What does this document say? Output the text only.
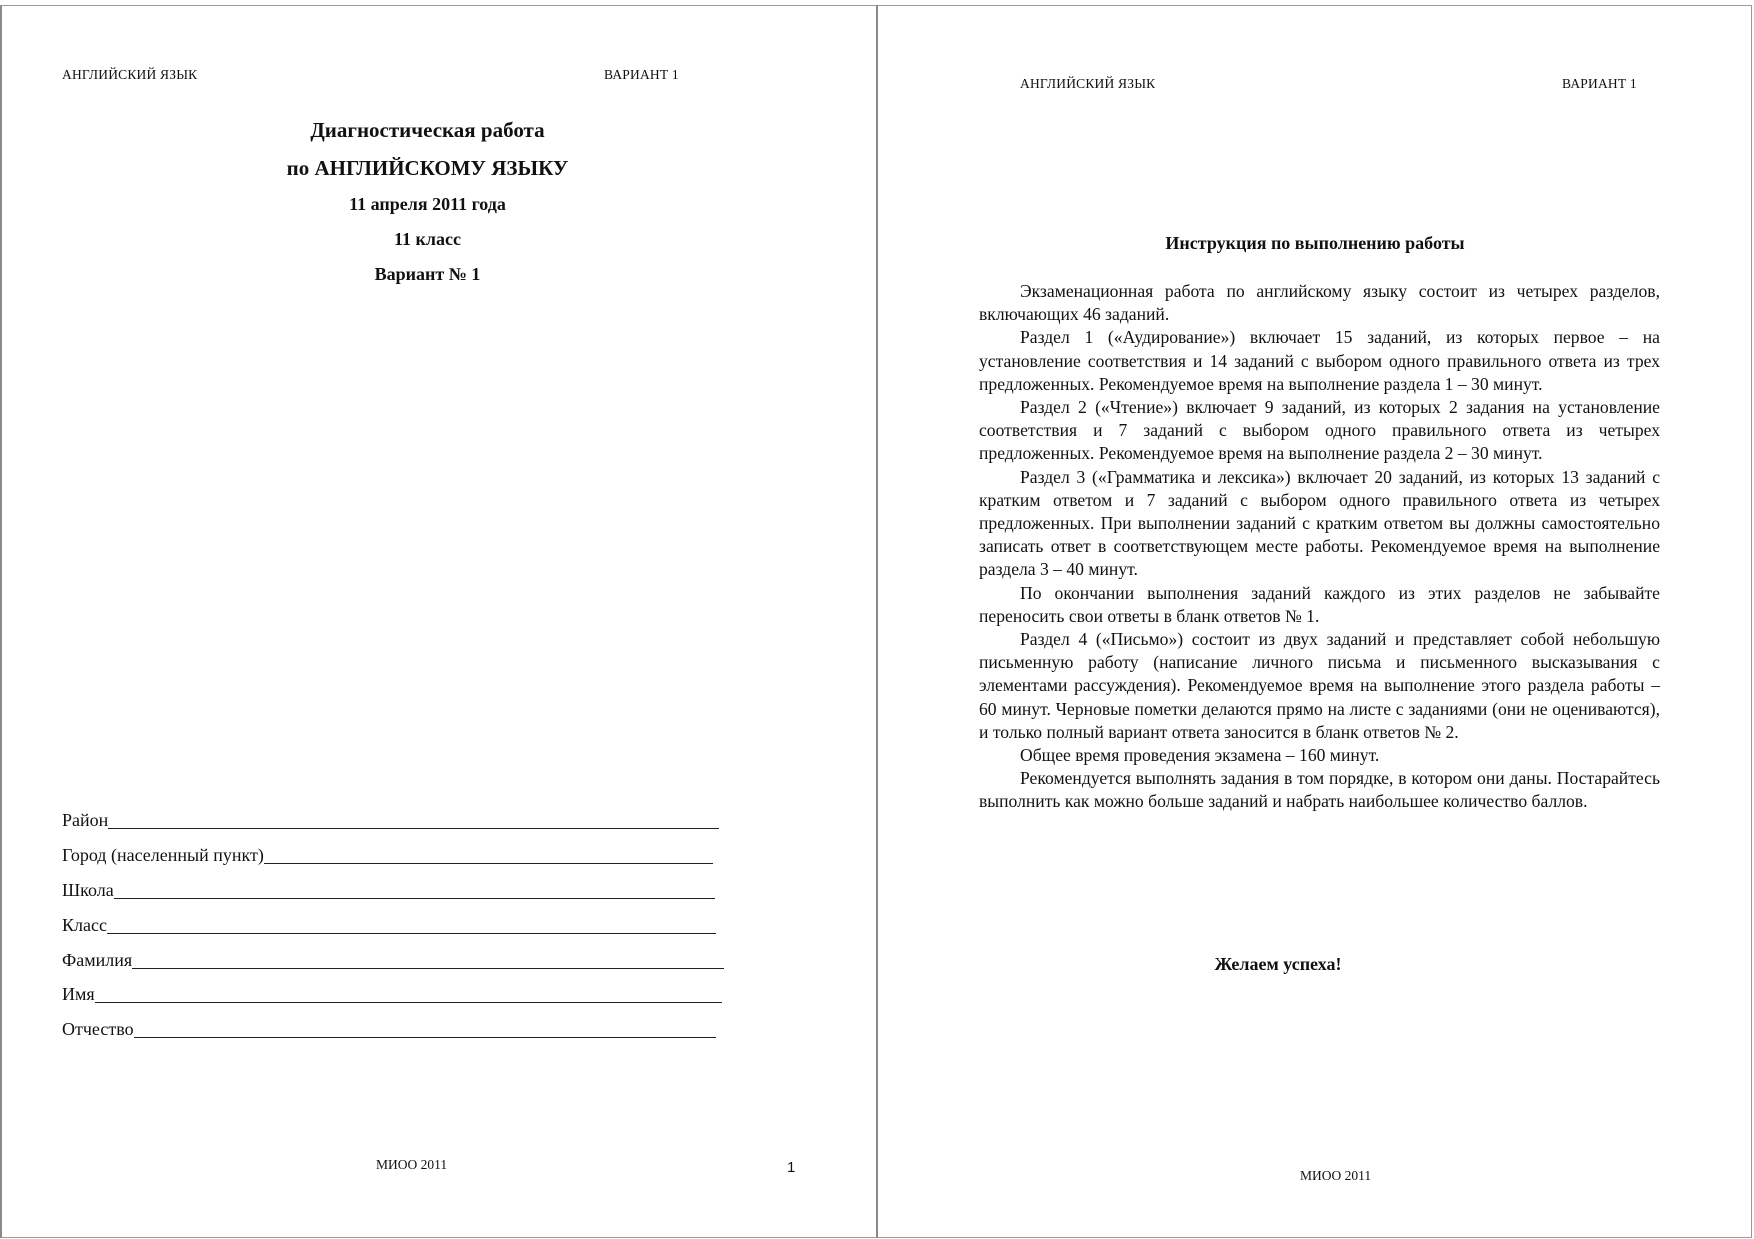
АНГЛИЙСКИЙ ЯЗЫК	ВАРИАНТ 1
Диагностическая работа
по АНГЛИЙСКОМУ ЯЗЫКУ
11 апреля 2011 года
11 класс
Вариант № 1
Район
Город (населенный пункт)
Школа
Класс
Фамилия
Имя
Отчество
МИОО 2011	1
АНГЛИЙСКИЙ ЯЗЫК	ВАРИАНТ 1
Инструкция по выполнению работы

Экзаменационная работа по английскому языку состоит из четырех разделов, включающих 46 заданий.

Раздел 1 («Аудирование») включает 15 заданий, из которых первое – на установление соответствия и 14 заданий с выбором одного правильного ответа из трех предложенных. Рекомендуемое время на выполнение раздела 1 – 30 минут.

Раздел 2 («Чтение») включает 9 заданий, из которых 2 задания на установление соответствия и 7 заданий с выбором одного правильного ответа из четырех предложенных. Рекомендуемое время на выполнение раздела 2 – 30 минут.

Раздел 3 («Грамматика и лексика») включает 20 заданий, из которых 13 заданий с кратким ответом и 7 заданий с выбором одного правильного ответа из четырех предложенных. При выполнении заданий с кратким ответом вы должны самостоятельно записать ответ в соответствующем месте работы. Рекомендуемое время на выполнение раздела 3 – 40 минут.

По окончании выполнения заданий каждого из этих разделов не забывайте переносить свои ответы в бланк ответов № 1.

Раздел 4 («Письмо») состоит из двух заданий и представляет собой небольшую письменную работу (написание личного письма и письменного высказывания с элементами рассуждения). Рекомендуемое время на выполнение этого раздела работы – 60 минут. Черновые пометки делаются прямо на листе с заданиями (они не оцениваются), и только полный вариант ответа заносится в бланк ответов № 2.

Общее время проведения экзамена – 160 минут.

Рекомендуется выполнять задания в том порядке, в котором они даны. Постарайтесь выполнить как можно больше заданий и набрать наибольшее количество баллов.

Желаем успеха!
МИОО 2011
